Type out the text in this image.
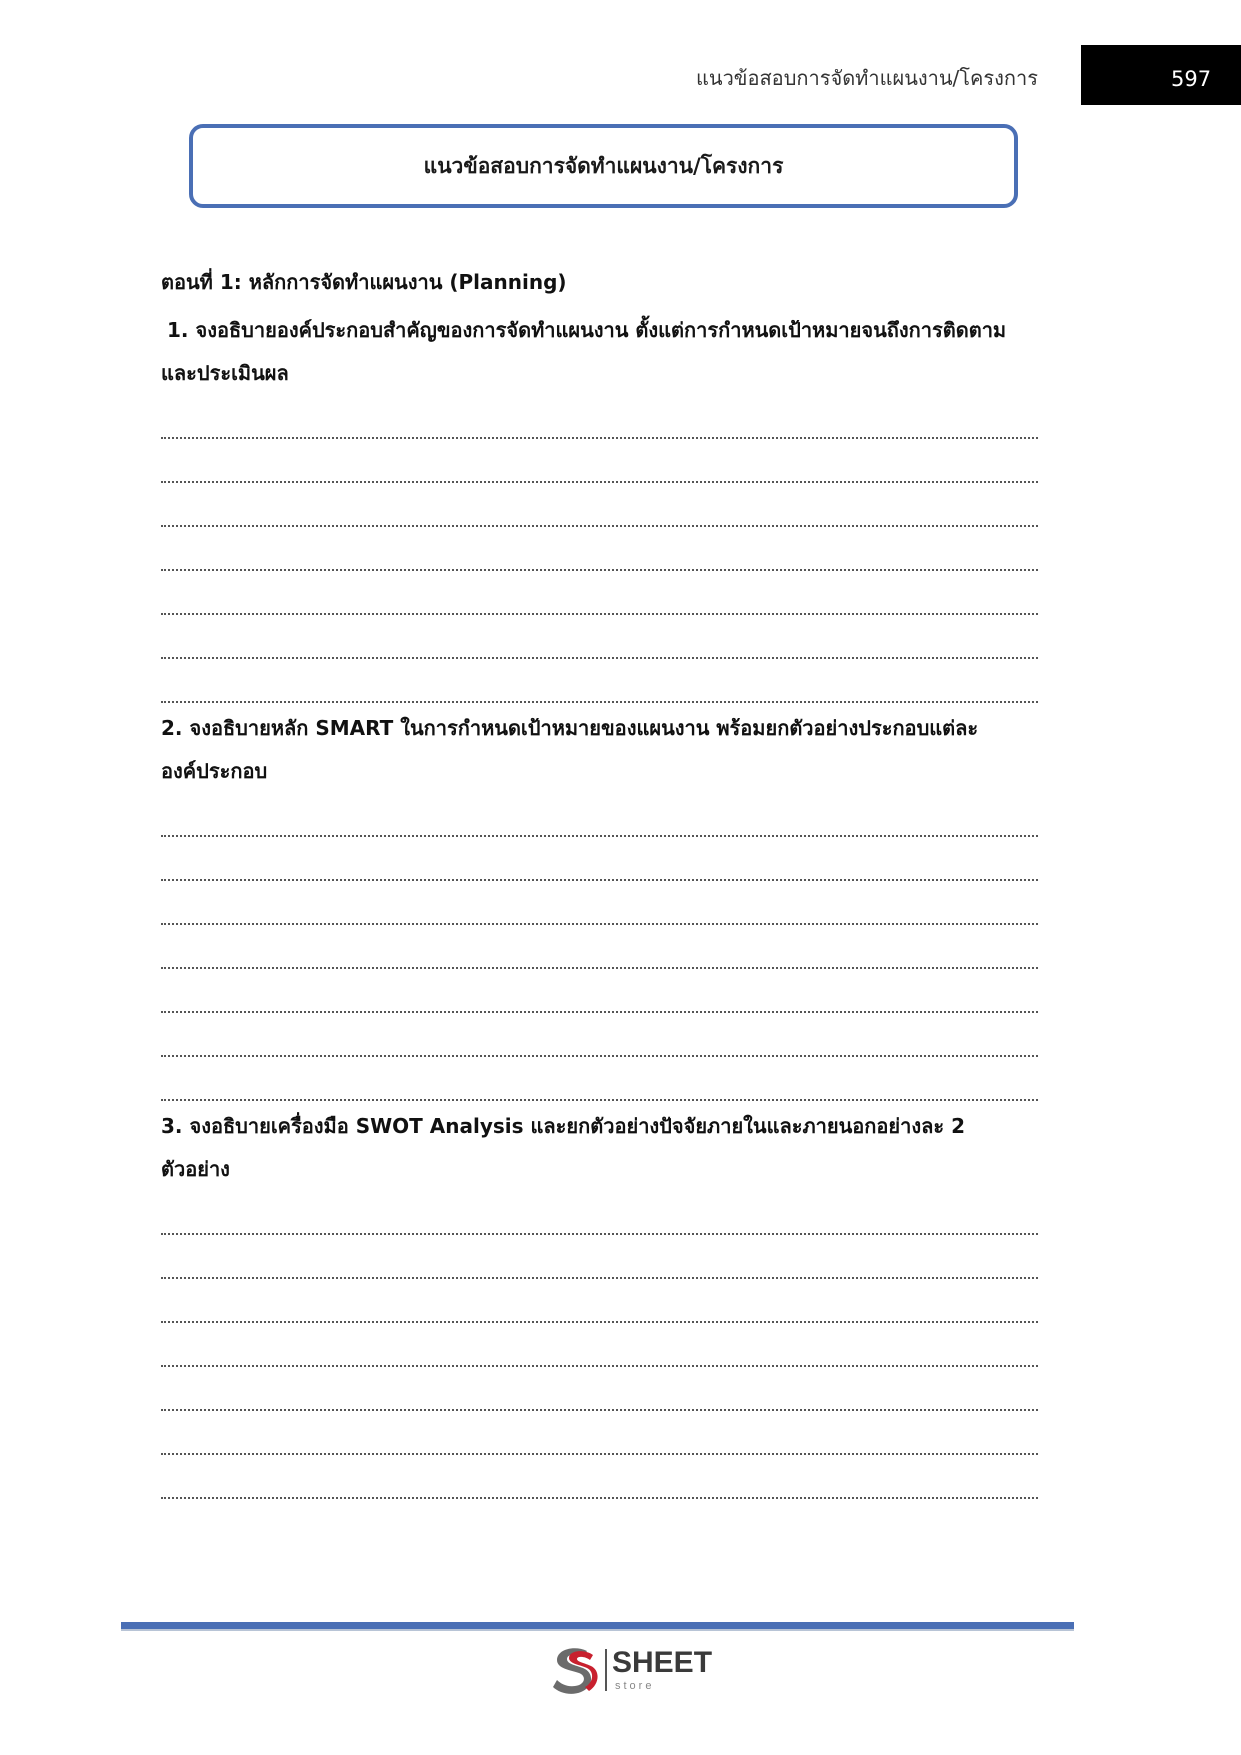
แนวข้อสอบการจัดทำแผนงาน/โครงการ	597
แนวข้อสอบการจัดทำแผนงาน/โครงการ

ตอนที่ 1: หลักการจัดทำแผนงาน (Planning)

1. จงอธิบายองค์ประกอบสำคัญของการจัดทำแผนงาน ตั้งแต่การกำหนดเป้าหมายจนถึงการติดตาม

และประเมินผล

2. จงอธิบายหลัก SMART ในการกำหนดเป้าหมายของแผนงาน พร้อมยกตัวอย่างประกอบแต่ละ

องค์ประกอบ

3. จงอธิบายเครื่องมือ SWOT Analysis และยกตัวอย่างปัจจัยภายในและภายนอกอย่างละ 2

ตัวอย่าง

SHEET
store
